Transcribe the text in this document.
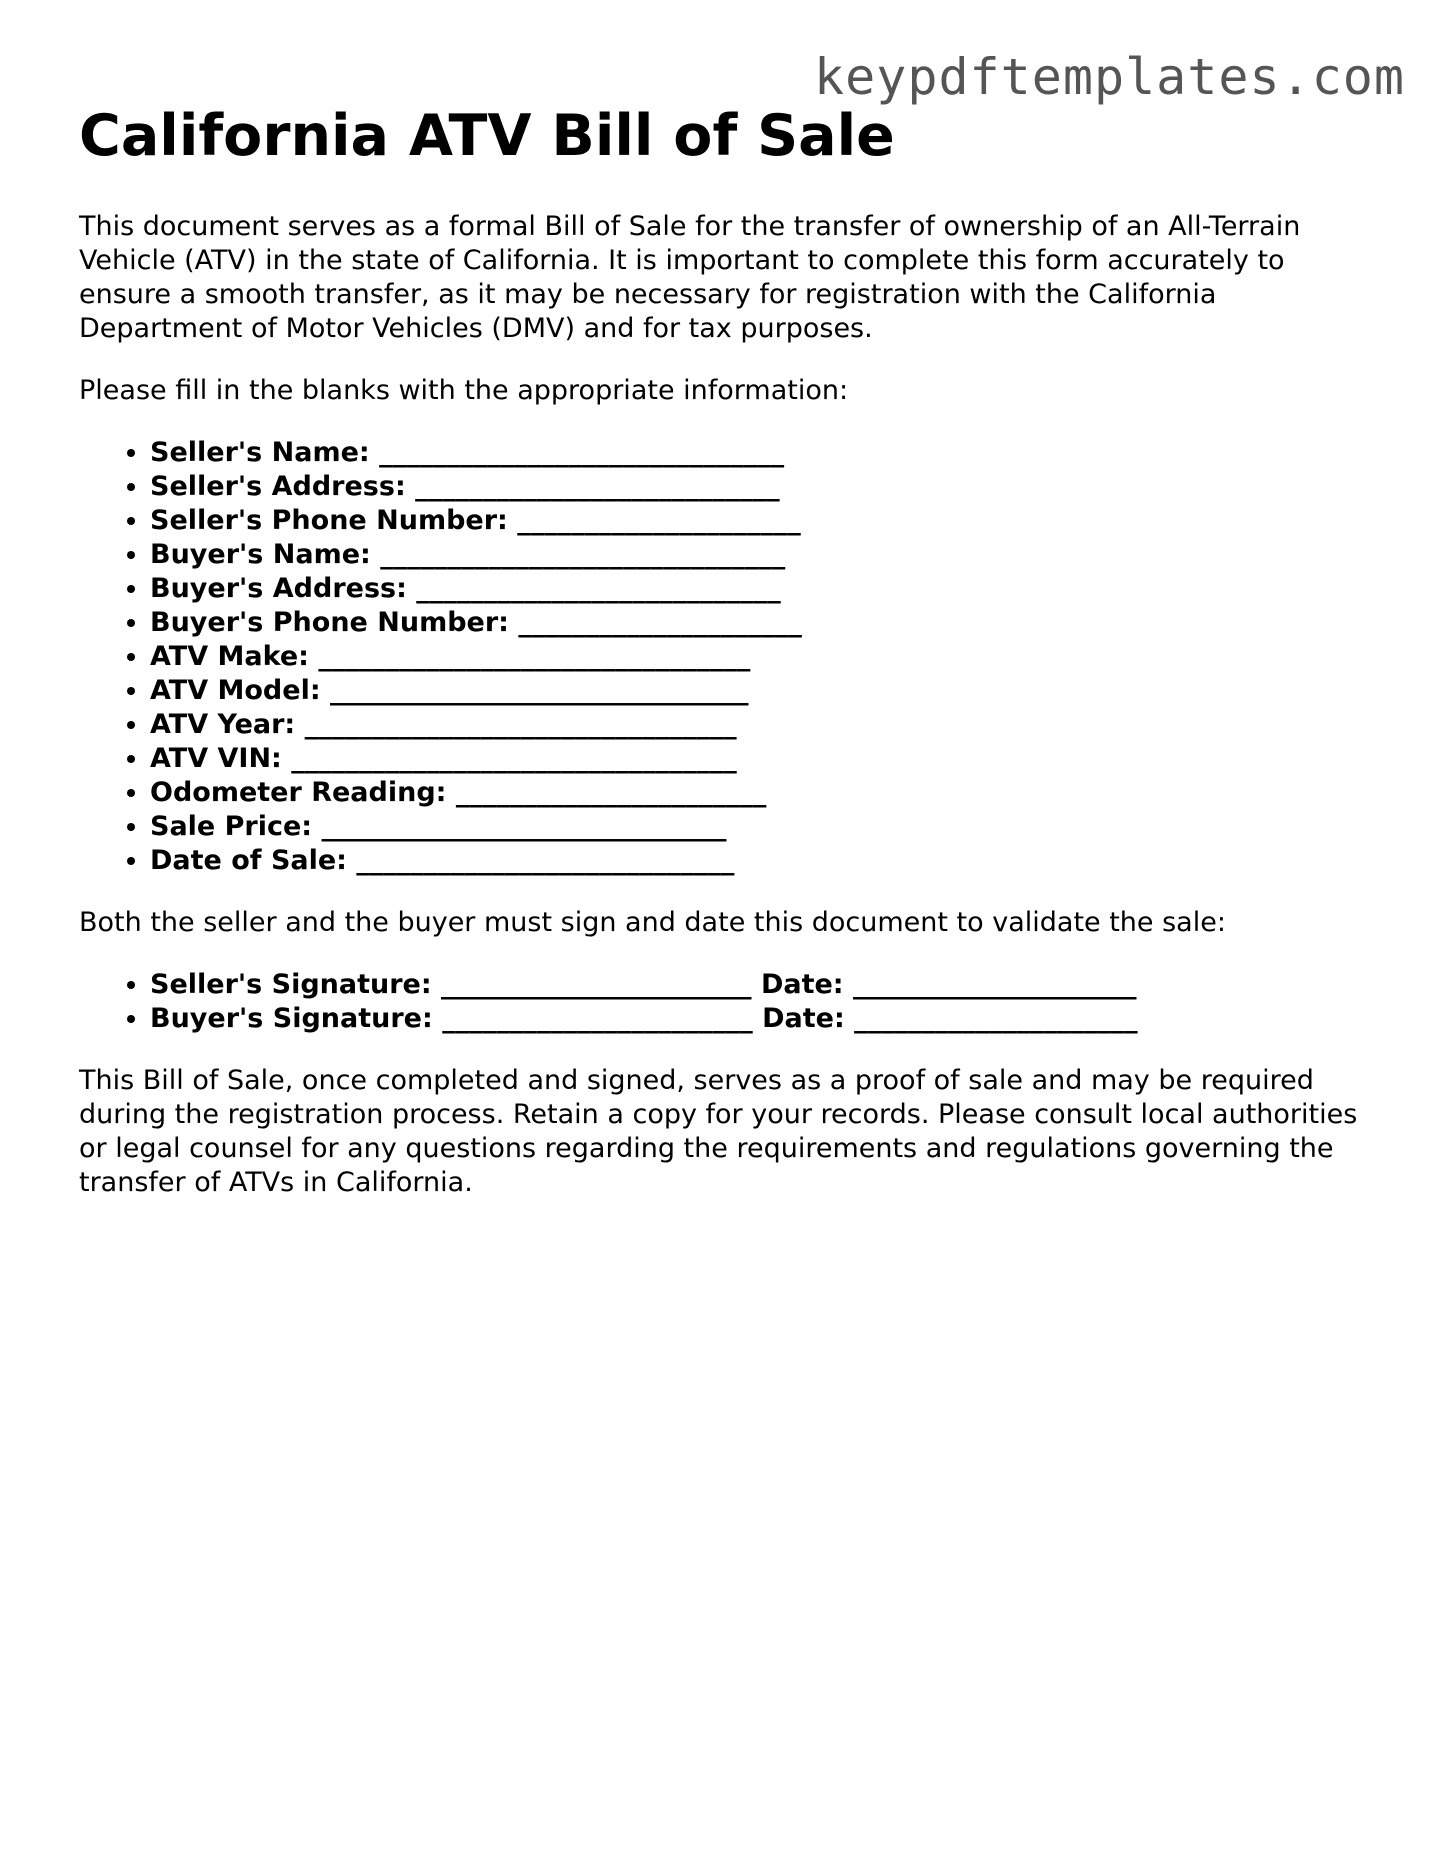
keypdftemplates.com
California ATV Bill of Sale

This document serves as a formal Bill of Sale for the transfer of ownership of an All-Terrain Vehicle (ATV) in the state of California. It is important to complete this form accurately to ensure a smooth transfer, as it may be necessary for registration with the California Department of Motor Vehicles (DMV) and for tax purposes.

Please fill in the blanks with the appropriate information:

• Seller's Name: ______________________________
• Seller's Address: ___________________________
• Seller's Phone Number: _____________________
• Buyer's Name: ______________________________
• Buyer's Address: ___________________________
• Buyer's Phone Number: _____________________
• ATV Make: ________________________________
• ATV Model: _______________________________
• ATV Year: ________________________________
• ATV VIN: _________________________________
• Odometer Reading: _______________________
• Sale Price: ______________________________
• Date of Sale: ____________________________

Both the seller and the buyer must sign and date this document to validate the sale:

• Seller's Signature: _______________________ Date: _____________________
• Buyer's Signature: _______________________ Date: _____________________

This Bill of Sale, once completed and signed, serves as a proof of sale and may be required during the registration process. Retain a copy for your records. Please consult local authorities or legal counsel for any questions regarding the requirements and regulations governing the transfer of ATVs in California.
